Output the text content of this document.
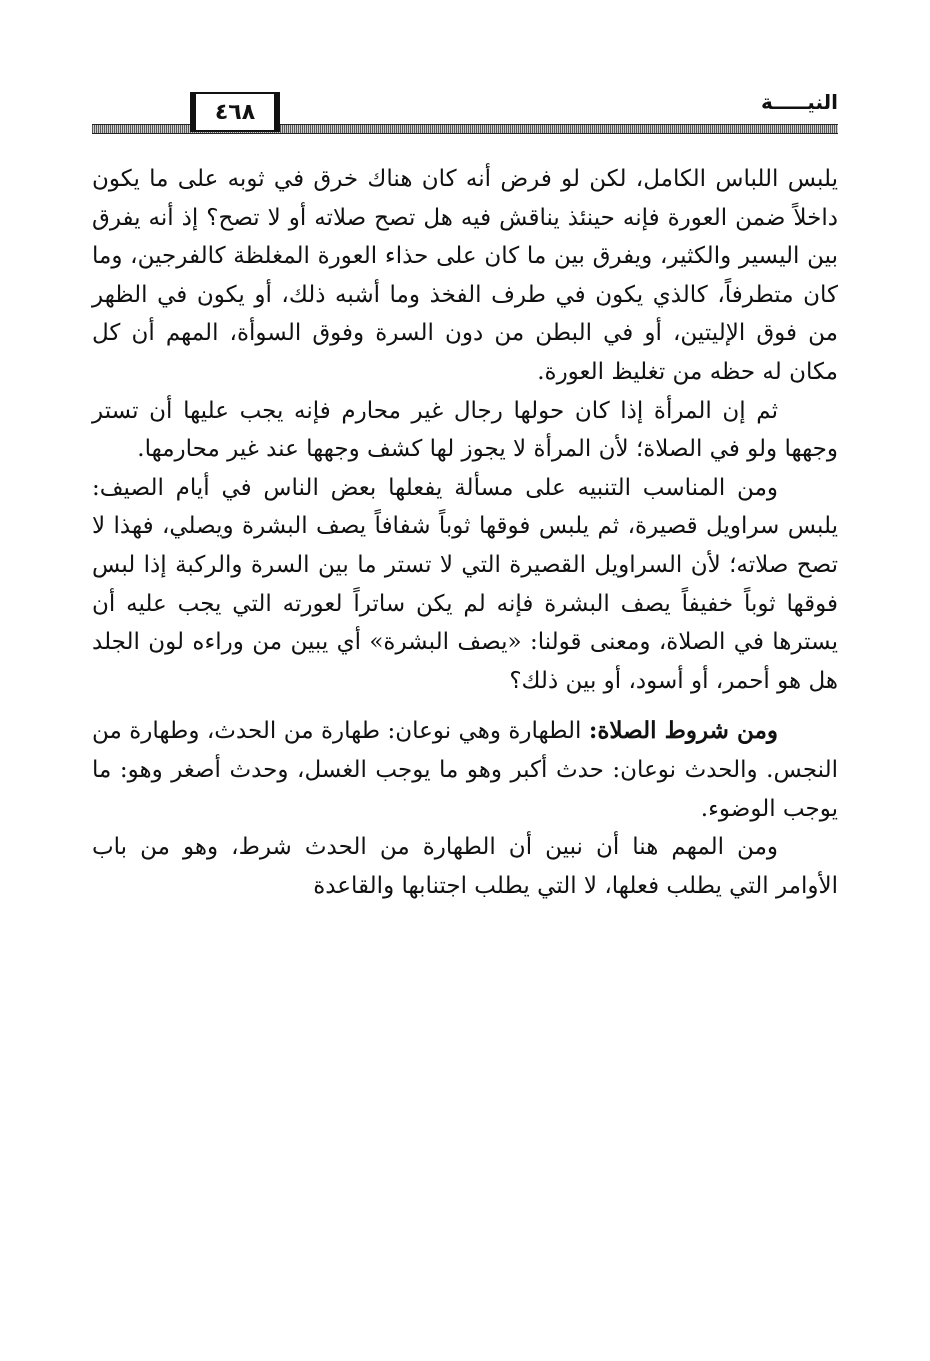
٤٦٨	النيـــــة

يلبس اللباس الكامل، لكن لو فرض أنه كان هناك خرق في ثوبه على ما يكون داخلاً ضمن العورة فإنه حينئذ يناقش فيه هل تصح صلاته أو لا تصح؟ إذ أنه يفرق بين اليسير والكثير، ويفرق بين ما كان على حذاء العورة المغلظة كالفرجين، وما كان متطرفاً، كالذي يكون في طرف الفخذ وما أشبه ذلك، أو يكون في الظهر من فوق الإليتين، أو في البطن من دون السرة وفوق السوأة، المهم أن كل مكان له حظه من تغليظ العورة.

ثم إن المرأة إذا كان حولها رجال غير محارم فإنه يجب عليها أن تستر وجهها ولو في الصلاة؛ لأن المرأة لا يجوز لها كشف وجهها عند غير محارمها.

ومن المناسب التنبيه على مسألة يفعلها بعض الناس في أيام الصيف: يلبس سراويل قصيرة، ثم يلبس فوقها ثوباً شفافاً يصف البشرة ويصلي، فهذا لا تصح صلاته؛ لأن السراويل القصيرة التي لا تستر ما بين السرة والركبة إذا لبس فوقها ثوباً خفيفاً يصف البشرة فإنه لم يكن ساتراً لعورته التي يجب عليه أن يسترها في الصلاة، ومعنى قولنا: «يصف البشرة» أي يبين من وراءه لون الجلد هل هو أحمر، أو أسود، أو بين ذلك؟

ومن شروط الصلاة: الطهارة وهي نوعان: طهارة من الحدث، وطهارة من النجس. والحدث نوعان: حدث أكبر وهو ما يوجب الغسل، وحدث أصغر وهو: ما يوجب الوضوء.

ومن المهم هنا أن نبين أن الطهارة من الحدث شرط، وهو من باب الأوامر التي يطلب فعلها، لا التي يطلب اجتنابها والقاعدة
